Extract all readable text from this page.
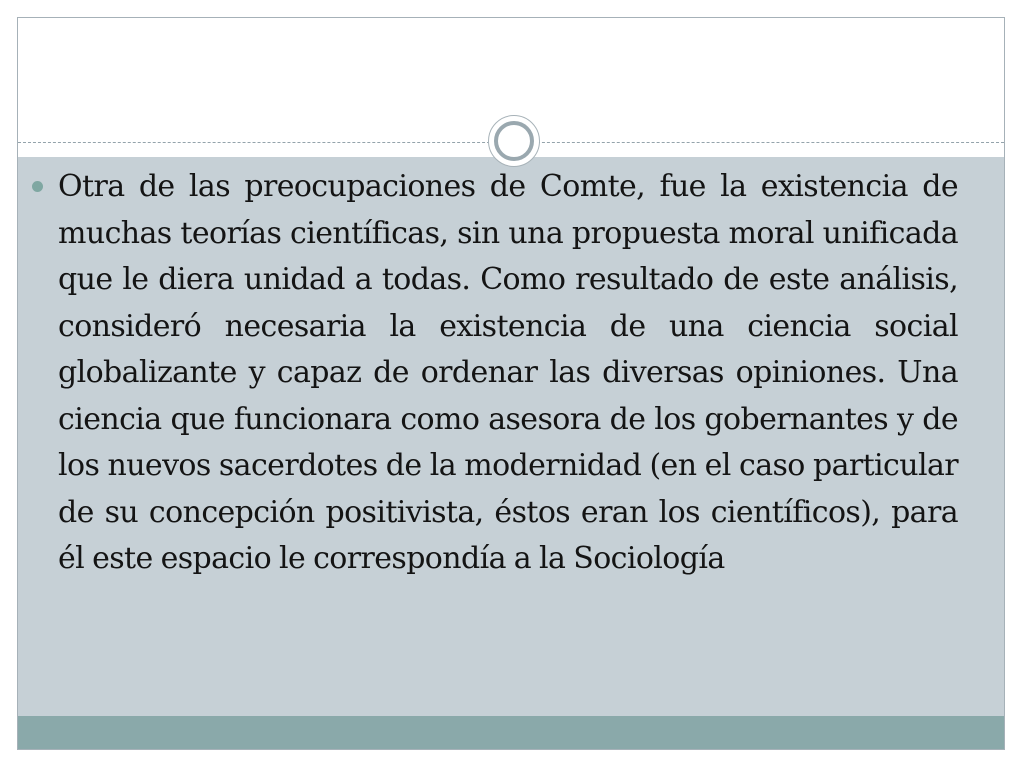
Otra de las preocupaciones de Comte, fue la existencia de muchas teorías científicas, sin una propuesta moral unificada que le diera unidad a todas. Como resultado de este análisis, consideró necesaria la existencia de una ciencia social globalizante y capaz de ordenar las diversas opiniones. Una ciencia que funcionara como asesora de los gobernantes y de los nuevos sacerdotes de la modernidad (en el caso particular de su concepción positivista, éstos eran los científicos), para él este espacio le correspondía a la Sociología
